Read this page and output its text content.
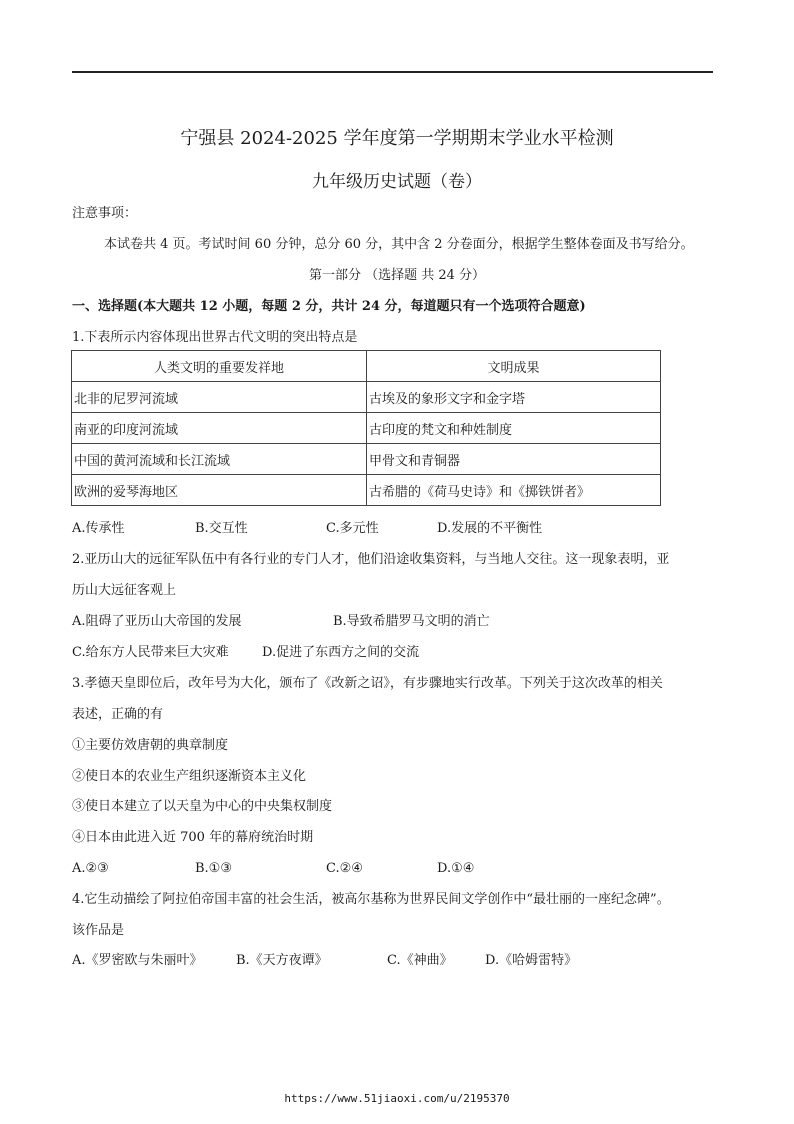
宁强县 2024-2025 学年度第一学期期末学业水平检测
九年级历史试题（卷）
注意事项：
本试卷共 4 页。考试时间 60 分钟，总分 60 分，其中含 2 分卷面分，根据学生整体卷面及书写给分。
第一部分 （选择题 共 24 分）
一、选择题(本大题共 12 小题，每题 2 分，共计 24 分，每道题只有一个选项符合题意)
1.下表所示内容体现出世界古代文明的突出特点是
人类文明的重要发祥地	文明成果
北非的尼罗河流域	古埃及的象形文字和金字塔
南亚的印度河流域	古印度的梵文和种姓制度
中国的黄河流域和长江流域	甲骨文和青铜器
欧洲的爱琴海地区	古希腊的《荷马史诗》和《掷铁饼者》
A.传承性	B.交互性	C.多元性	D.发展的不平衡性
2.亚历山大的远征军队伍中有各行业的专门人才，他们沿途收集资料，与当地人交往。这一现象表明，亚
历山大远征客观上
A.阻碍了亚历山大帝国的发展	B.导致希腊罗马文明的消亡
C.给东方人民带来巨大灾难	D.促进了东西方之间的交流
3.孝德天皇即位后，改年号为大化，颁布了《改新之诏》，有步骤地实行改革。下列关于这次改革的相关
表述，正确的有
①主要仿效唐朝的典章制度
②使日本的农业生产组织逐渐资本主义化
③使日本建立了以天皇为中心的中央集权制度
④日本由此进入近 700 年的幕府统治时期
A.②③	B.①③	C.②④	D.①④
4.它生动描绘了阿拉伯帝国丰富的社会生活，被高尔基称为世界民间文学创作中“最壮丽的一座纪念碑”。
该作品是
A.《罗密欧与朱丽叶》	B.《天方夜谭》	C.《神曲》 D.《哈姆雷特》
https://www.51jiaoxi.com/u/2195370
